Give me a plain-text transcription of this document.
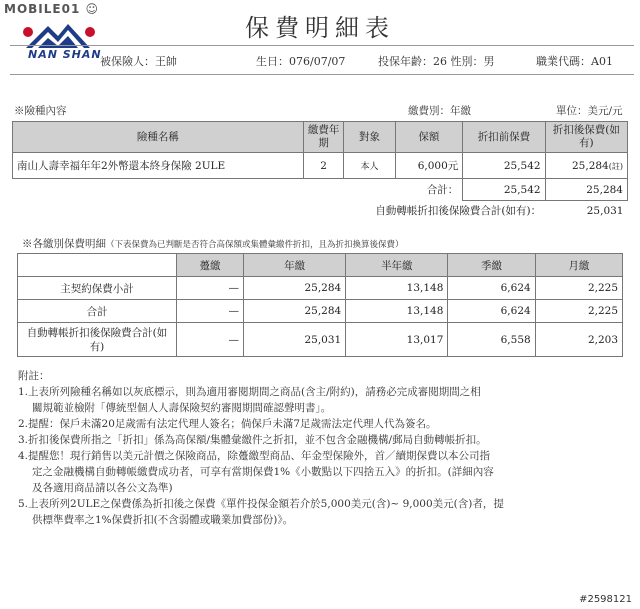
MOBILE01 ☺
NAN SHAN
保費明細表
被保險人：王帥	生日：076/07/07	投保年齡：26 性別：男	職業代碼：A01
※險種內容	繳費別：年繳	單位：美元/元
險種名稱	繳費年期	對象	保額	折扣前保費	折扣後保費(如有)
南山人壽幸福年年2外幣還本終身保險 2ULE	2	本人	6,000元	25,542	25,284(註)
合計：				25,542	25,284
自動轉帳折扣後保險費合計(如有)：					25,031
※各繳別保費明細（下表保費為已判斷是否符合高保額或集體彙繳件折扣，且為折扣換算後保費）
	躉繳	年繳	半年繳	季繳	月繳
主契約保費小計	—	25,284	13,148	6,624	2,225
合計	—	25,284	13,148	6,624	2,225
自動轉帳折扣後保險費合計(如有)	—	25,031	13,017	6,558	2,203

附註：

1.上表所列險種名稱如以灰底標示，則為適用審閱期間之商品(含主/附約)，請務必完成審閱期間之相

關規範並檢附「傳統型個人人壽保險契約審閱期間確認聲明書」。

2.提醒：保戶未滿20足歲需有法定代理人簽名；倘保戶未滿7足歲需法定代理人代為簽名。

3.折扣後保費所指之「折扣」係為高保額/集體彙繳件之折扣，並不包含金融機構/郵局自動轉帳折扣。

4.提醒您！現行銷售以美元計價之保險商品，除躉繳型商品、年金型保險外，首／續期保費以本公司指

定之金融機構自動轉帳繳費成功者，可享有當期保費1%《小數點以下四捨五入》的折扣。(詳細內容

及各適用商品請以各公文為準)

5.上表所列2ULE之保費係為折扣後之保費《單件投保金額若介於5,000美元(含)~ 9,000美元(含)者，提

供標準費率之1%保費折扣(不含弱體或職業加費部份)》。

#2598121
